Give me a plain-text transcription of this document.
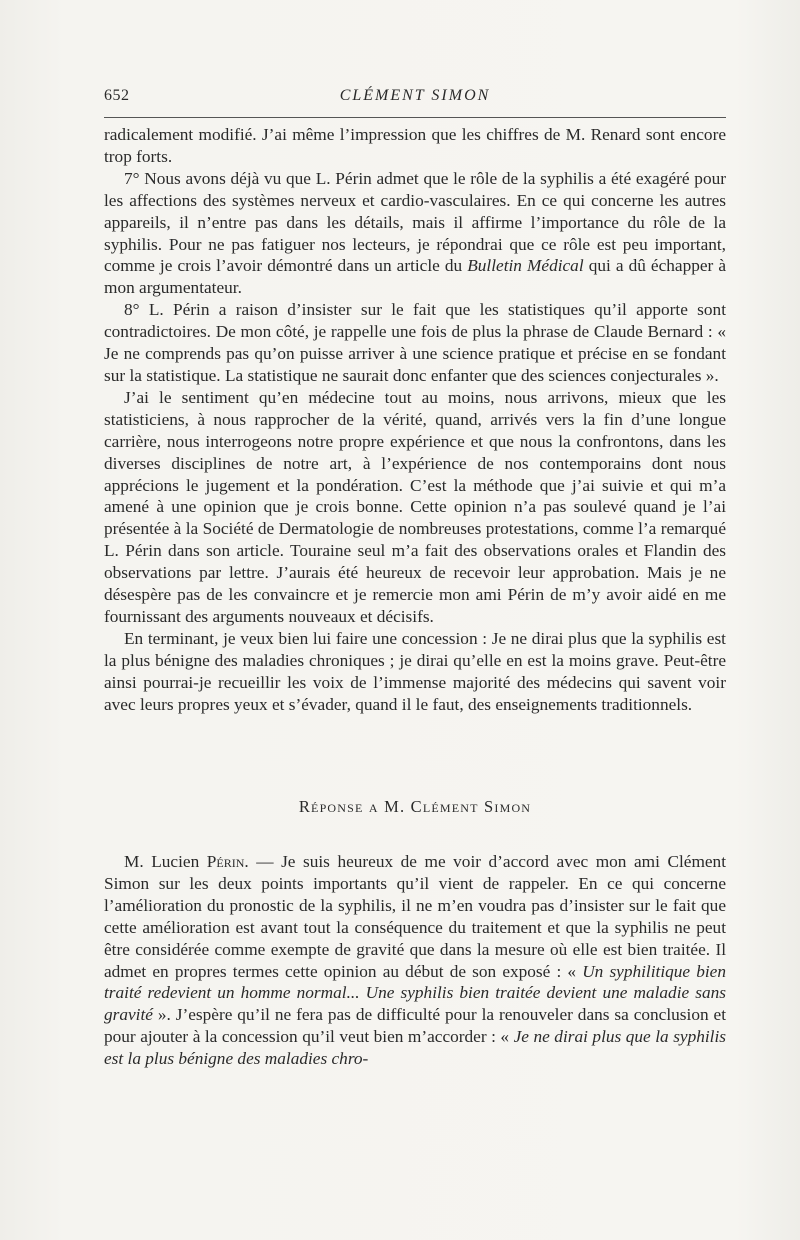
652	CLÉMENT SIMON

radicalement modifié. J’ai même l’impression que les chiffres de M. Renard sont encore trop forts.

7° Nous avons déjà vu que L. Périn admet que le rôle de la syphilis a été exagéré pour les affections des systèmes nerveux et cardio-vasculaires. En ce qui concerne les autres appareils, il n’entre pas dans les détails, mais il affirme l’importance du rôle de la syphilis. Pour ne pas fatiguer nos lecteurs, je répondrai que ce rôle est peu important, comme je crois l’avoir démontré dans un article du Bulletin Médical qui a dû échapper à mon argumentateur.

8° L. Périn a raison d’insister sur le fait que les statistiques qu’il apporte sont contradictoires. De mon côté, je rappelle une fois de plus la phrase de Claude Bernard : « Je ne comprends pas qu’on puisse arriver à une science pratique et précise en se fondant sur la statistique. La statistique ne saurait donc enfanter que des sciences conjecturales ».

J’ai le sentiment qu’en médecine tout au moins, nous arrivons, mieux que les statisticiens, à nous rapprocher de la vérité, quand, arrivés vers la fin d’une longue carrière, nous interrogeons notre propre expérience et que nous la confrontons, dans les diverses disciplines de notre art, à l’expérience de nos contemporains dont nous apprécions le jugement et la pondération. C’est la méthode que j’ai suivie et qui m’a amené à une opinion que je crois bonne. Cette opinion n’a pas soulevé quand je l’ai présentée à la Société de Dermatologie de nombreuses protestations, comme l’a remarqué L. Périn dans son article. Touraine seul m’a fait des observations orales et Flandin des observations par lettre. J’aurais été heureux de recevoir leur approbation. Mais je ne désespère pas de les convaincre et je remercie mon ami Périn de m’y avoir aidé en me fournissant des arguments nouveaux et décisifs.

En terminant, je veux bien lui faire une concession : Je ne dirai plus que la syphilis est la plus bénigne des maladies chroniques ; je dirai qu’elle en est la moins grave. Peut-être ainsi pourrai-je recueillir les voix de l’immense majorité des médecins qui savent voir avec leurs propres yeux et s’évader, quand il le faut, des enseignements traditionnels.

Réponse a M. Clément Simon

M. Lucien Périn. — Je suis heureux de me voir d’accord avec mon ami Clément Simon sur les deux points importants qu’il vient de rappeler. En ce qui concerne l’amélioration du pronostic de la syphilis, il ne m’en voudra pas d’insister sur le fait que cette amélioration est avant tout la conséquence du traitement et que la syphilis ne peut être considérée comme exempte de gravité que dans la mesure où elle est bien traitée. Il admet en propres termes cette opinion au début de son exposé : « Un syphilitique bien traité redevient un homme normal... Une syphilis bien traitée devient une maladie sans gravité ». J’espère qu’il ne fera pas de difficulté pour la renouveler dans sa conclusion et pour ajouter à la concession qu’il veut bien m’accorder : « Je ne dirai plus que la syphilis est la plus bénigne des maladies chro-
